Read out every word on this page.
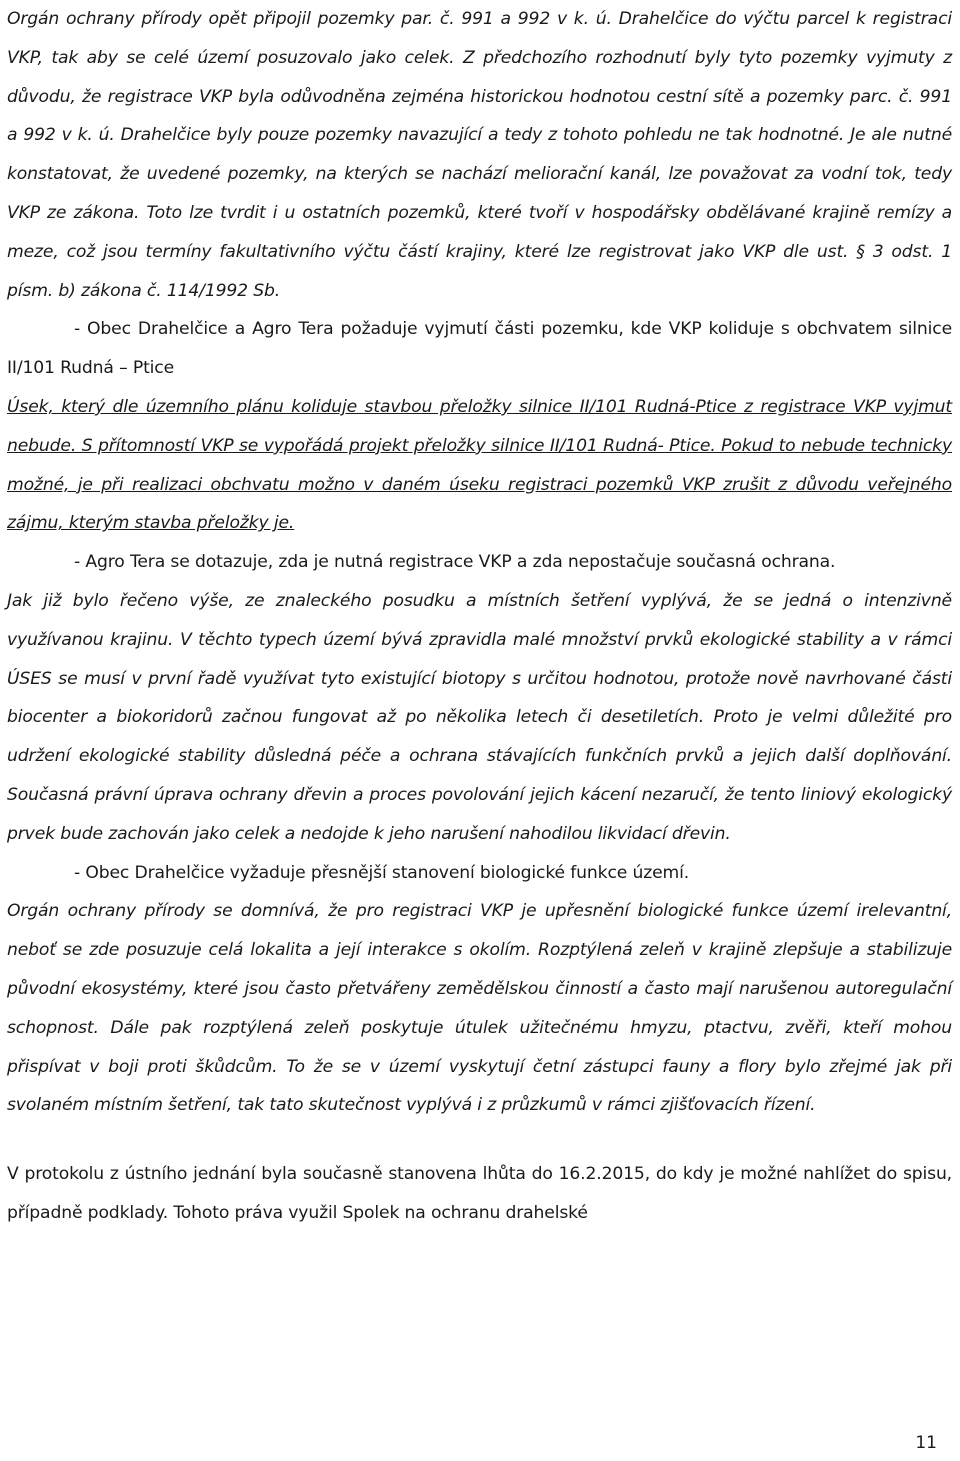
Orgán ochrany přírody opět připojil pozemky par. č. 991 a 992 v k. ú. Drahelčice do výčtu parcel k registraci VKP, tak aby se celé území posuzovalo jako celek. Z předchozího rozhodnutí byly tyto pozemky vyjmuty z důvodu, že registrace VKP byla odůvodněna zejména historickou hodnotou cestní sítě a pozemky parc. č. 991 a 992 v k. ú. Drahelčice byly pouze pozemky navazující a tedy z tohoto pohledu ne tak hodnotné. Je ale nutné konstatovat, že uvedené pozemky, na kterých se nachází meliorační kanál, lze považovat za vodní tok, tedy VKP ze zákona. Toto lze tvrdit i u ostatních pozemků, které tvoří v hospodářsky obdělávané krajině remízy a meze, což jsou termíny fakultativního výčtu částí krajiny, které lze registrovat jako VKP dle ust. § 3 odst. 1 písm. b) zákona č. 114/1992 Sb.

- Obec Drahelčice a Agro Tera požaduje vyjmutí části pozemku, kde VKP koliduje s obchvatem silnice II/101 Rudná – Ptice

Úsek, který dle územního plánu koliduje stavbou přeložky silnice II/101 Rudná-Ptice z registrace VKP vyjmut nebude. S přítomností VKP se vypořádá projekt přeložky silnice II/101 Rudná- Ptice. Pokud to nebude technicky možné, je při realizaci obchvatu možno v daném úseku registraci pozemků VKP zrušit z důvodu veřejného zájmu, kterým stavba přeložky je.

- Agro Tera se dotazuje, zda je nutná registrace VKP a zda nepostačuje současná ochrana.

Jak již bylo řečeno výše, ze znaleckého posudku a místních šetření vyplývá, že se jedná o intenzivně využívanou krajinu. V těchto typech území bývá zpravidla malé množství prvků ekologické stability a v rámci ÚSES se musí v první řadě využívat tyto existující biotopy s určitou hodnotou, protože nově navrhované části biocenter a biokoridorů začnou fungovat až po několika letech či desetiletích. Proto je velmi důležité pro udržení ekologické stability důsledná péče a ochrana stávajících funkčních prvků a jejich další doplňování. Současná právní úprava ochrany dřevin a proces povolování jejich kácení nezaručí, že tento liniový ekologický prvek bude zachován jako celek a nedojde k jeho narušení nahodilou likvidací dřevin.

- Obec Drahelčice vyžaduje přesnější stanovení biologické funkce území.

Orgán ochrany přírody se domnívá, že pro registraci VKP je upřesnění biologické funkce území irelevantní, neboť se zde posuzuje celá lokalita a její interakce s okolím. Rozptýlená zeleň v krajině zlepšuje a stabilizuje původní ekosystémy, které jsou často přetvářeny zemědělskou činností a často mají narušenou autoregulační schopnost. Dále pak rozptýlená zeleň poskytuje útulek užitečnému hmyzu, ptactvu, zvěři, kteří mohou přispívat v boji proti škůdcům. To že se v území vyskytují četní zástupci fauny a flory bylo zřejmé jak při svolaném místním šetření, tak tato skutečnost vyplývá i z průzkumů v rámci zjišťovacích řízení.

V protokolu z ústního jednání byla současně stanovena lhůta do 16.2.2015, do kdy je možné nahlížet do spisu, případně podklady. Tohoto práva využil Spolek na ochranu drahelské

11
